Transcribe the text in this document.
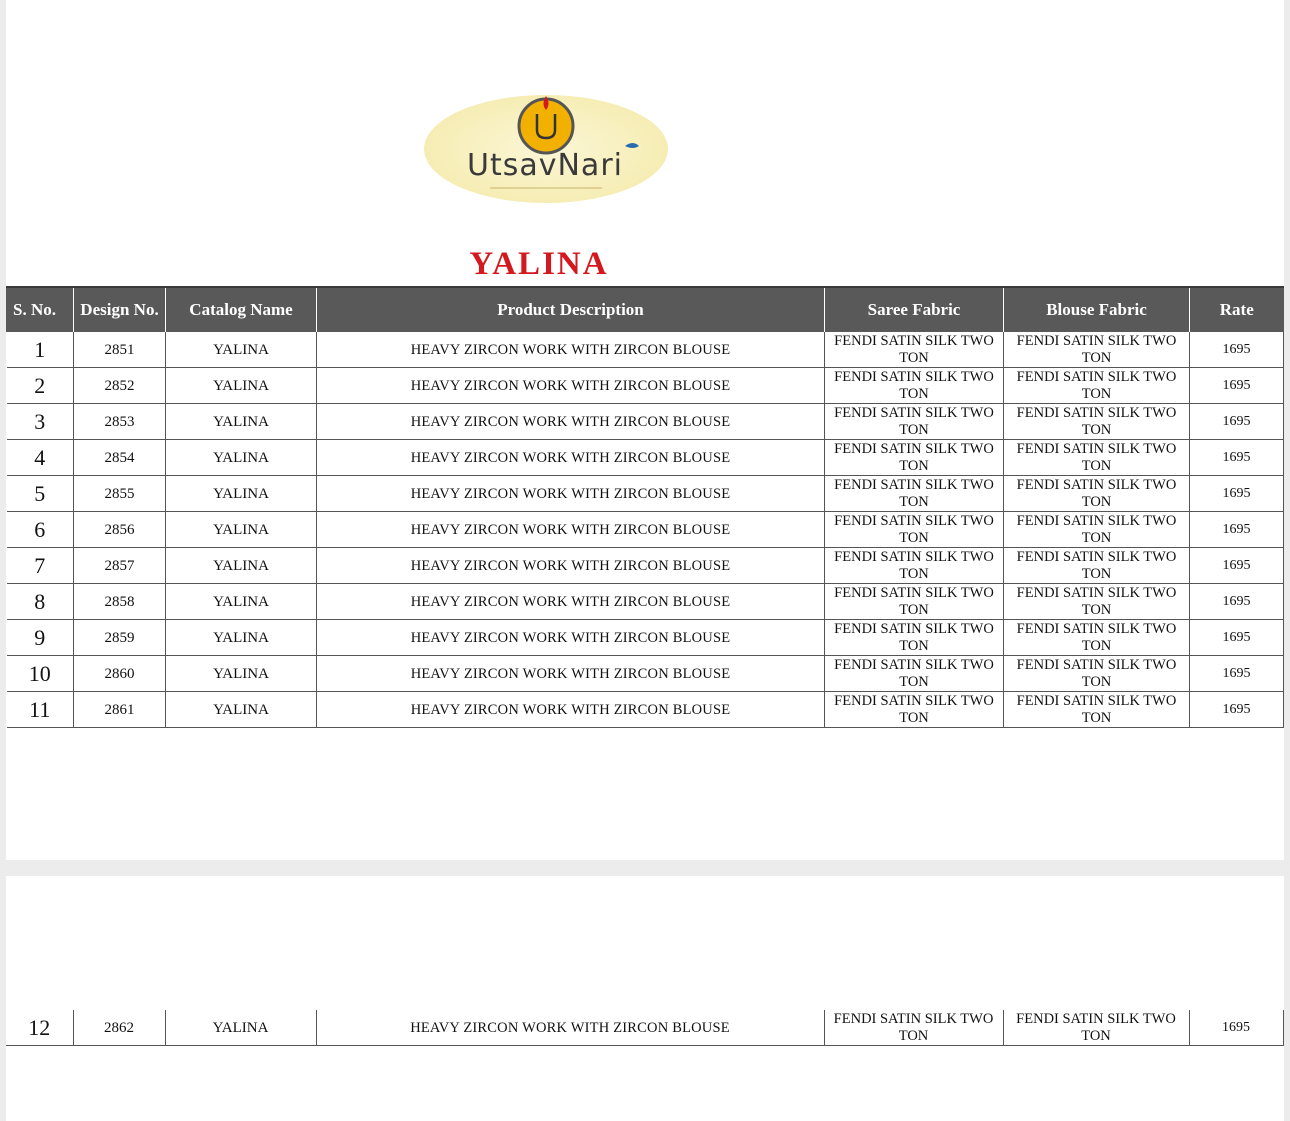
UtsavNari
YALINA
S. No.	Design No.	Catalog Name	Product Description	Saree Fabric	Blouse Fabric	Rate
1	2851	YALINA	HEAVY ZIRCON WORK WITH ZIRCON BLOUSE	FENDI SATIN SILK TWO TON	FENDI SATIN SILK TWO TON	1695
2	2852	YALINA	HEAVY ZIRCON WORK WITH ZIRCON BLOUSE	FENDI SATIN SILK TWO TON	FENDI SATIN SILK TWO TON	1695
3	2853	YALINA	HEAVY ZIRCON WORK WITH ZIRCON BLOUSE	FENDI SATIN SILK TWO TON	FENDI SATIN SILK TWO TON	1695
4	2854	YALINA	HEAVY ZIRCON WORK WITH ZIRCON BLOUSE	FENDI SATIN SILK TWO TON	FENDI SATIN SILK TWO TON	1695
5	2855	YALINA	HEAVY ZIRCON WORK WITH ZIRCON BLOUSE	FENDI SATIN SILK TWO TON	FENDI SATIN SILK TWO TON	1695
6	2856	YALINA	HEAVY ZIRCON WORK WITH ZIRCON BLOUSE	FENDI SATIN SILK TWO TON	FENDI SATIN SILK TWO TON	1695
7	2857	YALINA	HEAVY ZIRCON WORK WITH ZIRCON BLOUSE	FENDI SATIN SILK TWO TON	FENDI SATIN SILK TWO TON	1695
8	2858	YALINA	HEAVY ZIRCON WORK WITH ZIRCON BLOUSE	FENDI SATIN SILK TWO TON	FENDI SATIN SILK TWO TON	1695
9	2859	YALINA	HEAVY ZIRCON WORK WITH ZIRCON BLOUSE	FENDI SATIN SILK TWO TON	FENDI SATIN SILK TWO TON	1695
10	2860	YALINA	HEAVY ZIRCON WORK WITH ZIRCON BLOUSE	FENDI SATIN SILK TWO TON	FENDI SATIN SILK TWO TON	1695
11	2861	YALINA	HEAVY ZIRCON WORK WITH ZIRCON BLOUSE	FENDI SATIN SILK TWO TON	FENDI SATIN SILK TWO TON	1695
12	2862	YALINA	HEAVY ZIRCON WORK WITH ZIRCON BLOUSE	FENDI SATIN SILK TWO TON	FENDI SATIN SILK TWO TON	1695
